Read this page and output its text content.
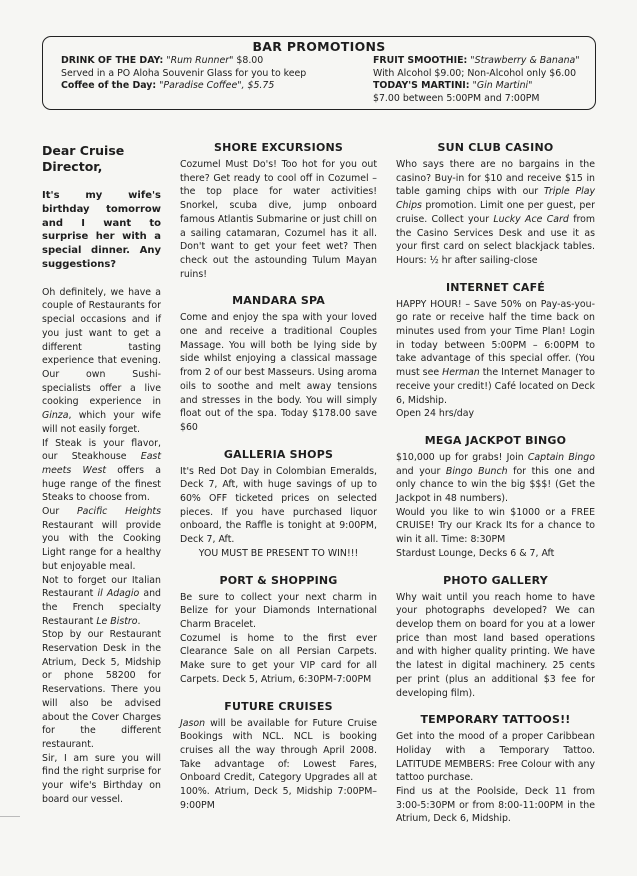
BAR PROMOTIONS
DRINK OF THE DAY: "Rum Runner" $8.00
Served in a PO Aloha Souvenir Glass for you to keep
Coffee of the Day: "Paradise Coffee", $5.75
FRUIT SMOOTHIE: "Strawberry & Banana"
With Alcohol $9.00; Non-Alcohol only $6.00
TODAY'S MARTINI: "Gin Martini"
$7.00 between 5:00PM and 7:00PM
Dear Cruise Director,
It's my wife's birthday tomorrow and I want to surprise her with a special dinner. Any suggestions?

Oh definitely, we have a couple of Restaurants for special occasions and if you just want to get a different tasting experience that evening. Our own Sushi-specialists offer a live cooking experience in Ginza, which your wife will not easily forget.

If Steak is your flavor, our Steakhouse East meets West offers a huge range of the finest Steaks to choose from.

Our Pacific Heights Restaurant will provide you with the Cooking Light range for a healthy but enjoyable meal.

Not to forget our Italian Restaurant il Adagio and the French specialty Restaurant Le Bistro.

Stop by our Restaurant Reservation Desk in the Atrium, Deck 5, Midship or phone 58200 for Reservations. There you will also be advised about the Cover Charges for the different restaurant.

Sir, I am sure you will find the right surprise for your wife's Birthday on board our vessel.

SHORE EXCURSIONS

Cozumel Must Do's! Too hot for you out there? Get ready to cool off in Cozumel – the top place for water activities! Snorkel, scuba dive, jump onboard famous Atlantis Submarine or just chill on a sailing catamaran, Cozumel has it all. Don't want to get your feet wet? Then check out the astounding Tulum Mayan ruins!

MANDARA SPA

Come and enjoy the spa with your loved one and receive a traditional Couples Massage. You will both be lying side by side whilst enjoying a classical massage from 2 of our best Masseurs. Using aroma oils to soothe and melt away tensions and stresses in the body. You will simply float out of the spa. Today $178.00 save $60

GALLERIA SHOPS

It's Red Dot Day in Colombian Emeralds, Deck 7, Aft, with huge savings of up to 60% OFF ticketed prices on selected pieces. If you have purchased liquor onboard, the Raffle is tonight at 9:00PM, Deck 7, Aft.

YOU MUST BE PRESENT TO WIN!!!

PORT & SHOPPING

Be sure to collect your next charm in Belize for your Diamonds International Charm Bracelet.

Cozumel is home to the first ever Clearance Sale on all Persian Carpets. Make sure to get your VIP card for all Carpets. Deck 5, Atrium, 6:30PM-7:00PM

FUTURE CRUISES

Jason will be available for Future Cruise Bookings with NCL. NCL is booking cruises all the way through April 2008. Take advantage of: Lowest Fares, Onboard Credit, Category Upgrades all at 100%. Atrium, Deck 5, Midship 7:00PM–9:00PM

SUN CLUB CASINO

Who says there are no bargains in the casino? Buy-in for $10 and receive $15 in table gaming chips with our Triple Play Chips promotion. Limit one per guest, per cruise. Collect your Lucky Ace Card from the Casino Services Desk and use it as your first card on select blackjack tables. Hours: ½ hr after sailing-close

INTERNET CAFÉ

HAPPY HOUR! – Save 50% on Pay-as-you-go rate or receive half the time back on minutes used from your Time Plan! Login in today between 5:00PM – 6:00PM to take advantage of this special offer. (You must see Herman the Internet Manager to receive your credit!) Café located on Deck 6, Midship.

Open 24 hrs/day

MEGA JACKPOT BINGO

$10,000 up for grabs! Join Captain Bingo and your Bingo Bunch for this one and only chance to win the big $$$! (Get the Jackpot in 48 numbers).

Would you like to win $1000 or a FREE CRUISE! Try our Krack Its for a chance to win it all. Time: 8:30PM

Stardust Lounge, Decks 6 & 7, Aft

PHOTO GALLERY

Why wait until you reach home to have your photographs developed? We can develop them on board for you at a lower price than most land based operations and with higher quality printing. We have the latest in digital machinery. 25 cents per print (plus an additional $3 fee for developing film).

TEMPORARY TATTOOS!!

Get into the mood of a proper Caribbean Holiday with a Temporary Tattoo. LATITUDE MEMBERS: Free Colour with any tattoo purchase.

Find us at the Poolside, Deck 11 from 3:00-5:30PM or from 8:00-11:00PM in the Atrium, Deck 6, Midship.
